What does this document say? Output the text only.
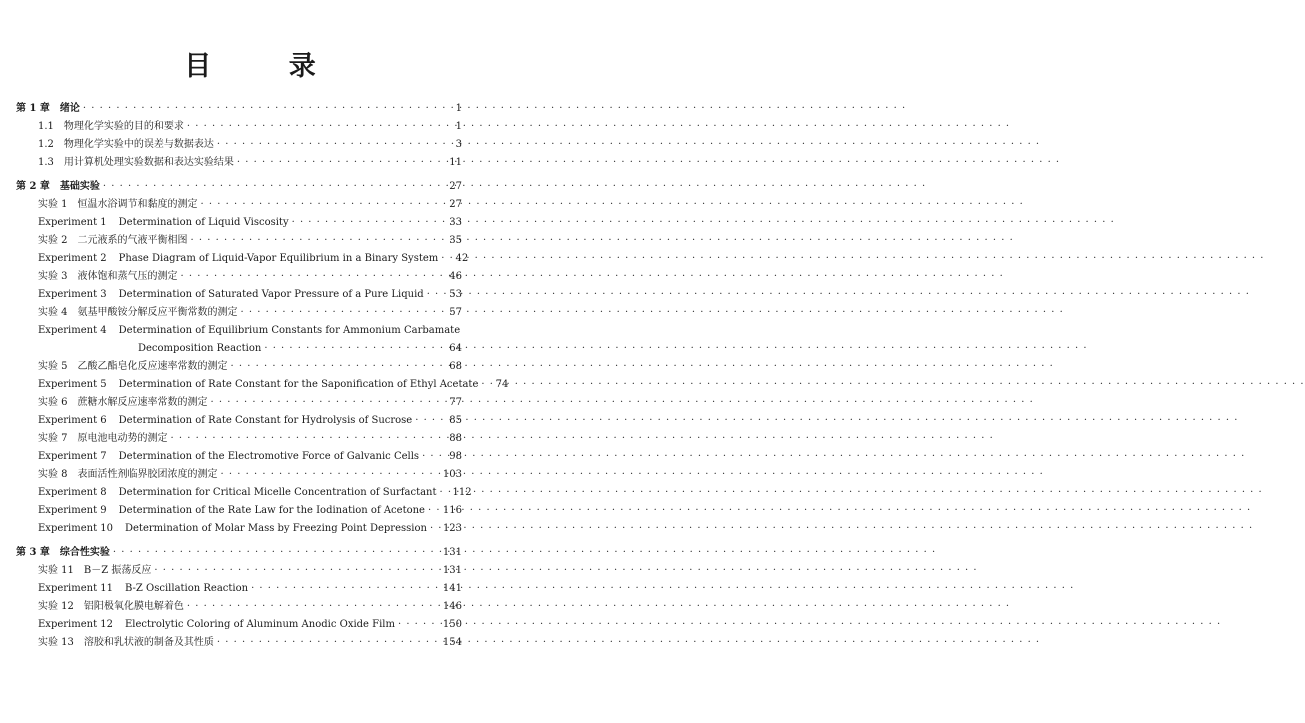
目 录
第 1 章 绪论 · · ·	1
1.1 物理化学实验的目的和要求 · · ·	1
1.2 物理化学实验中的误差与数据表达 · · ·	3
1.3 用计算机处理实验数据和表达实验结果 · · ·	11
第 2 章 基础实验 · · ·	27
实验 1 恒温水浴调节和黏度的测定 · · ·	27
Experiment 1 Determination of Liquid Viscosity · · ·	33
实验 2 二元液系的气液平衡相图 · · ·	35
Experiment 2 Phase Diagram of Liquid-Vapor Equilibrium in a Binary System · · · 42
实验 3 液体饱和蒸气压的测定 · · ·	46
Experiment 3 Determination of Saturated Vapor Pressure of a Pure Liquid · · ·	53
实验 4 氨基甲酸铵分解反应平衡常数的测定 · · ·	57
Experiment 4 Determination of Equilibrium Constants for Ammonium Carbamate
Decomposition Reaction · · ·	64
实验 5 乙酸乙酯皂化反应速率常数的测定 · · ·	68
Experiment 5 Determination of Rate Constant for the Saponification of Ethyl Acetate · · · 74
实验 6 蔗糖水解反应速率常数的测定 · · ·	77
Experiment 6 Determination of Rate Constant for Hydrolysis of Sucrose · · ·	85
实验 7 原电池电动势的测定 · · ·	88
Experiment 7 Determination of the Electromotive Force of Galvanic Cells · · ·	98
实验 8 表面活性剂临界胶团浓度的测定 · · ·	103
Experiment 8 Determination for Critical Micelle Concentration of Surfactant · · · 112
Experiment 9 Determination of the Rate Law for the Iodination of Acetone · · · 116
Experiment 10 Determination of Molar Mass by Freezing Point Depression · · · 123
第 3 章 综合性实验 · · ·	131
实验 11 B－Z 振荡反应 · · ·	131
Experiment 11 B-Z Oscillation Reaction · · ·	141
实验 12 铝阳极氧化膜电解着色 · · ·	146
Experiment 12 Electrolytic Coloring of Aluminum Anodic Oxide Film · · ·	150
实验 13 溶胶和乳状液的制备及其性质 · · ·	154
